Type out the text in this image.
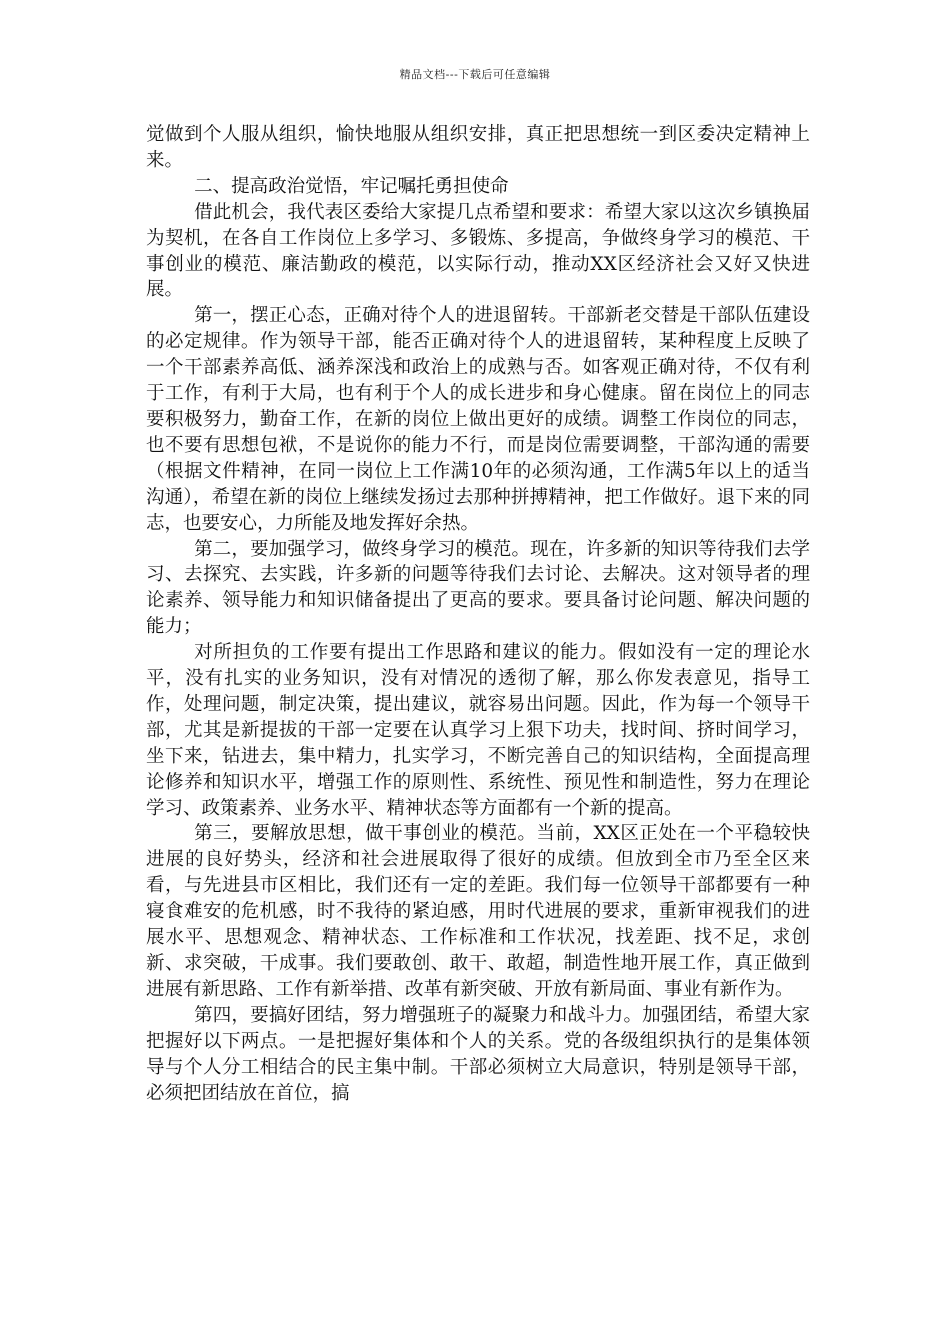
精品文档---下载后可任意编辑

觉做到个人服从组织，愉快地服从组织安排，真正把思想统一到区委决定精神上来。

二、提高政治觉悟，牢记嘱托勇担使命

借此机会，我代表区委给大家提几点希望和要求：希望大家以这次乡镇换届为契机，在各自工作岗位上多学习、多锻炼、多提高，争做终身学习的模范、干事创业的模范、廉洁勤政的模范，以实际行动，推动XX区经济社会又好又快进展。

第一，摆正心态，正确对待个人的进退留转。干部新老交替是干部队伍建设的必定规律。作为领导干部，能否正确对待个人的进退留转，某种程度上反映了一个干部素养高低、涵养深浅和政治上的成熟与否。如客观正确对待，不仅有利于工作，有利于大局，也有利于个人的成长进步和身心健康。留在岗位上的同志要积极努力，勤奋工作，在新的岗位上做出更好的成绩。调整工作岗位的同志，也不要有思想包袱，不是说你的能力不行，而是岗位需要调整，干部沟通的需要（根据文件精神，在同一岗位上工作满10年的必须沟通，工作满5年以上的适当沟通），希望在新的岗位上继续发扬过去那种拼搏精神，把工作做好。退下来的同志，也要安心，力所能及地发挥好余热。

第二，要加强学习，做终身学习的模范。现在，许多新的知识等待我们去学习、去探究、去实践，许多新的问题等待我们去讨论、去解决。这对领导者的理论素养、领导能力和知识储备提出了更高的要求。要具备讨论问题、解决问题的能力；

对所担负的工作要有提出工作思路和建议的能力。假如没有一定的理论水平，没有扎实的业务知识，没有对情况的透彻了解，那么你发表意见，指导工作，处理问题，制定决策，提出建议，就容易出问题。因此，作为每一个领导干部，尤其是新提拔的干部一定要在认真学习上狠下功夫，找时间、挤时间学习，坐下来，钻进去，集中精力，扎实学习，不断完善自己的知识结构，全面提高理论修养和知识水平，增强工作的原则性、系统性、预见性和制造性，努力在理论学习、政策素养、业务水平、精神状态等方面都有一个新的提高。

第三，要解放思想，做干事创业的模范。当前，XX区正处在一个平稳较快进展的良好势头，经济和社会进展取得了很好的成绩。但放到全市乃至全区来看，与先进县市区相比，我们还有一定的差距。我们每一位领导干部都要有一种寝食难安的危机感，时不我待的紧迫感，用时代进展的要求，重新审视我们的进展水平、思想观念、精神状态、工作标准和工作状况，找差距、找不足，求创新、求突破，干成事。我们要敢创、敢干、敢超，制造性地开展工作，真正做到进展有新思路、工作有新举措、改革有新突破、开放有新局面、事业有新作为。

第四，要搞好团结，努力增强班子的凝聚力和战斗力。加强团结，希望大家把握好以下两点。一是把握好集体和个人的关系。党的各级组织执行的是集体领导与个人分工相结合的民主集中制。干部必须树立大局意识，特别是领导干部，必须把团结放在首位，搞
